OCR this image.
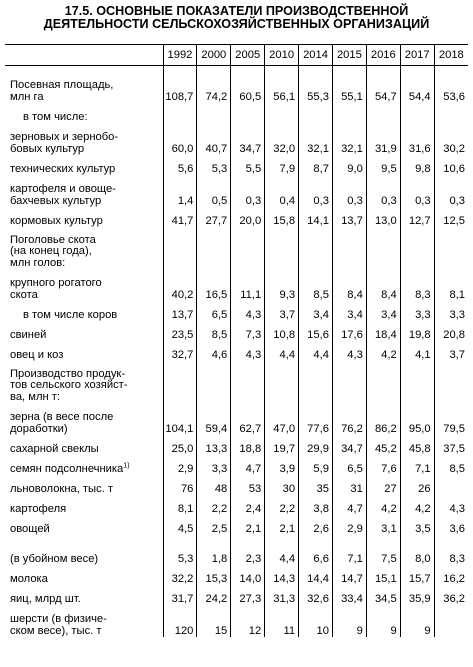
17.5. ОСНОВНЫЕ ПОКАЗАТЕЛИ ПРОИЗВОДСТВЕННОЙ
ДЕЯТЕЛЬНОСТИ СЕЛЬСКОХОЗЯЙСТВЕННЫХ ОРГАНИЗАЦИЙ
	1992	2000	2005	2010	2014	2015	2016	2017	2018

Посевная площадь,
млн га	108,7	74,2	60,5	56,1	55,3	55,1	54,7	54,4	53,6

в том числе:									

зерновых и зернобо-
бовых культур	60,0	40,7	34,7	32,0	32,1	32,1	31,9	31,6	30,2

технических культур	5,6	5,3	5,5	7,9	8,7	9,0	9,5	9,8	10,6

картофеля и овоще-
бахчевых культур	1,4	0,5	0,3	0,4	0,3	0,3	0,3	0,3	0,3

кормовых культур	41,7	27,7	20,0	15,8	14,1	13,7	13,0	12,7	12,5

Поголовье скота
(на конец года),
млн голов:									

крупного рогатого
скота	40,2	16,5	11,1	9,3	8,5	8,4	8,4	8,3	8,1

в том числе коров	13,7	6,5	4,3	3,7	3,4	3,4	3,4	3,3	3,3

свиней	23,5	8,5	7,3	10,8	15,6	17,6	18,4	19,8	20,8

овец и коз	32,7	4,6	4,3	4,4	4,4	4,3	4,2	4,1	3,7

Производство продук-
тов сельского хозяйст-
ва, млн т:									

зерна (в весе после
доработки)	104,1	59,4	62,7	47,0	77,6	76,2	86,2	95,0	79,5

сахарной свеклы	25,0	13,3	18,8	19,7	29,9	34,7	45,2	45,8	37,5

семян подсолнечника$^{1)}$	2,9	3,3	4,7	3,9	5,9	6,5	7,6	7,1	8,5

льноволокна, тыс. т	76	48	53	30	35	31	27	26	

картофеля	8,1	2,2	2,4	2,2	3,8	4,7	4,2	4,2	4,3

овощей	4,5	2,5	2,1	2,1	2,6	2,9	3,1	3,5	3,6

(в убойном весе)	5,3	1,8	2,3	4,4	6,6	7,1	7,5	8,0	8,3

молока	32,2	15,3	14,0	14,3	14,4	14,7	15,1	15,7	16,2

яиц, млрд шт.	31,7	24,2	27,3	31,3	32,6	33,4	34,5	35,9	36,2

шерсти (в физиче-
ском весе), тыс. т	120	15	12	11	10	9	9	9	
